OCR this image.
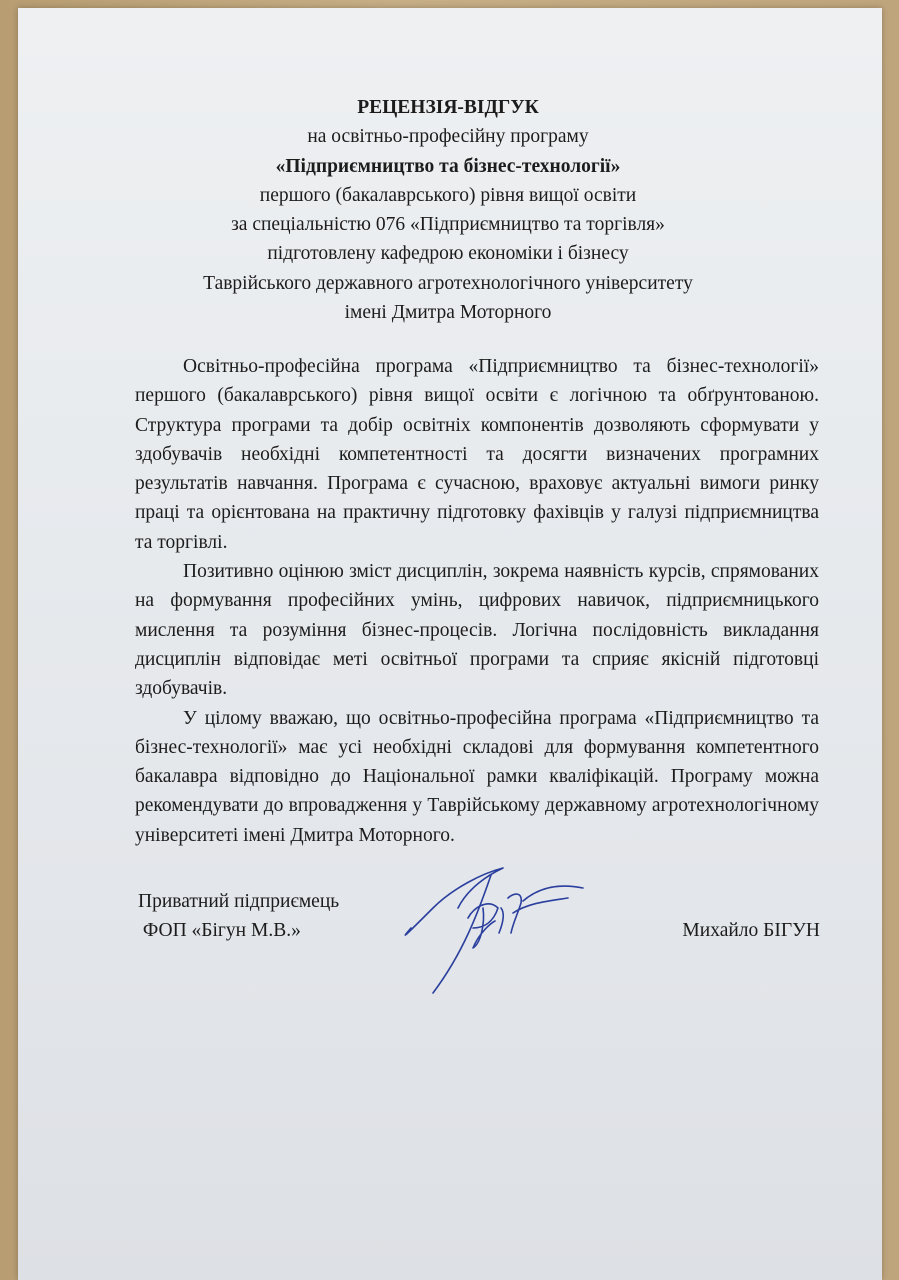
РЕЦЕНЗІЯ-ВІДГУК
на освітньо-професійну програму
«Підприємництво та бізнес-технології»
першого (бакалаврського) рівня вищої освіти
за спеціальністю 076 «Підприємництво та торгівля»
підготовлену кафедрою економіки і бізнесу
Таврійського державного агротехнологічного університету
імені Дмитра Моторного

Освітньо-професійна програма «Підприємництво та бізнес-технології» першого (бакалаврського) рівня вищої освіти є логічною та обґрунтованою. Структура програми та добір освітніх компонентів дозволяють сформувати у здобувачів необхідні компетентності та досягти визначених програмних результатів навчання. Програма є сучасною, враховує актуальні вимоги ринку праці та орієнтована на практичну підготовку фахівців у галузі підприємництва та торгівлі.

Позитивно оцінюю зміст дисциплін, зокрема наявність курсів, спрямованих на формування професійних умінь, цифрових навичок, підприємницького мислення та розуміння бізнес-процесів. Логічна послідовність викладання дисциплін відповідає меті освітньої програми та сприяє якісній підготовці здобувачів.

У цілому вважаю, що освітньо-професійна програма «Підприємництво та бізнес-технології» має усі необхідні складові для формування компетентного бакалавра відповідно до Національної рамки кваліфікацій. Програму можна рекомендувати до впровадження у Таврійському державному агротехнологічному університеті імені Дмитра Моторного.

Приватний підприємець
ФОП «Бігун М.В.»	Михайло БІГУН
